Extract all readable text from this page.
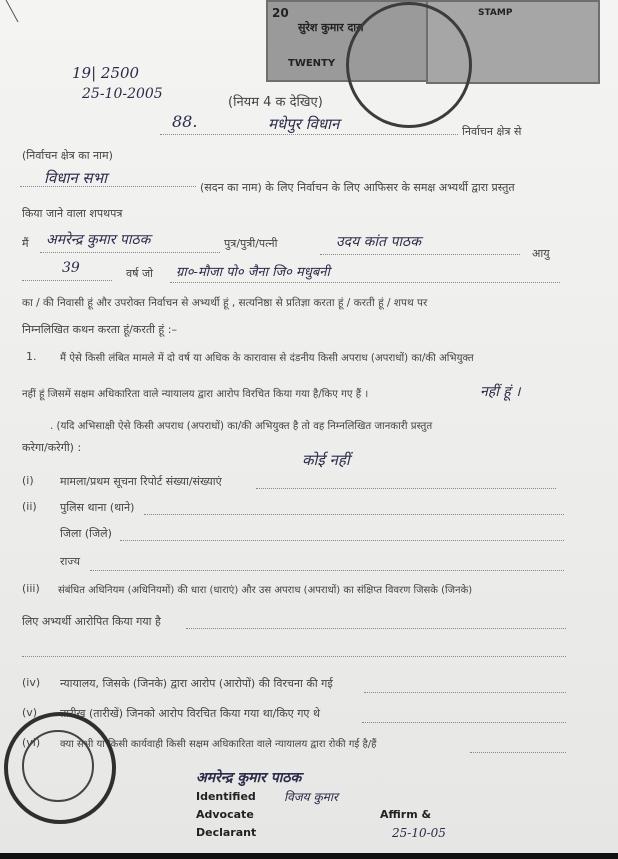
20
सुरेश कुमार दास
TWENTY
STAMP
19| 2500
25-10-2005
(नियम 4 क देखिए)
88.	मधेपुर विधान	निर्वाचन क्षेत्र से
(निर्वाचन क्षेत्र का नाम)
विधान सभा
(सदन का नाम) के लिए निर्वाचन के लिए आफिसर के समक्ष अभ्यर्थी द्वारा प्रस्तुत
किया जाने वाला शपथपत्र
मैं अमरेन्द्र कुमार पाठक	पुत्र/पुत्री/पत्नी	उदय कांत पाठक
आयु
39	वर्ष जो ग्रा०-मौजा पो० जैना जि० मधुबनी
का / की निवासी हूं और उपरोक्त निर्वाचन से अभ्यर्थी हूं , सत्यनिष्ठा से प्रतिज्ञा करता हूं / करती हूं / शपथ पर
निम्नलिखित कथन करता हूं/करती हूं :–
1. मैं ऐसे किसी लंबित मामले में दो वर्ष या अधिक के कारावास से दंडनीय किसी अपराध (अपराधों) का/की अभियुक्त
नहीं हूं जिसमें सक्षम अधिकारिता वाले न्यायालय द्वारा आरोप विरचित किया गया है/किए गए हैं ।	नहीं हूं ।
. (यदि अभिसाक्षी ऐसे किसी अपराध (अपराधों) का/की अभियुक्त है तो वह निम्नलिखित जानकारी प्रस्तुत
करेगा/करेगी) :
कोई नहीं
(i) मामला/प्रथम सूचना रिपोर्ट संख्या/संख्याएं
(ii) पुलिस थाना (थाने)
जिला (जिले)
राज्य
(iii) संबंधित अधिनियम (अधिनियमों) की धारा (धाराएं) और उस अपराध (अपराधों) का संक्षिप्त विवरण जिसके (जिनके)
लिए अभ्यर्थी आरोपित किया गया है
(iv) न्यायालय, जिसके (जिनके) द्वारा आरोप (आरोपों) की विरचना की गई
(v) तारीख (तारीखें) जिनको आरोप विरचित किया गया था/किए गए थे
(vi) क्या सभी या किसी कार्यवाही किसी सक्षम अधिकारिता वाले न्यायालय द्वारा रोकी गई है/हैं
अमरेन्द्र कुमार पाठक
Identified विजय कुमार
Advocate	Affirm &
Declarant	25-10-05
